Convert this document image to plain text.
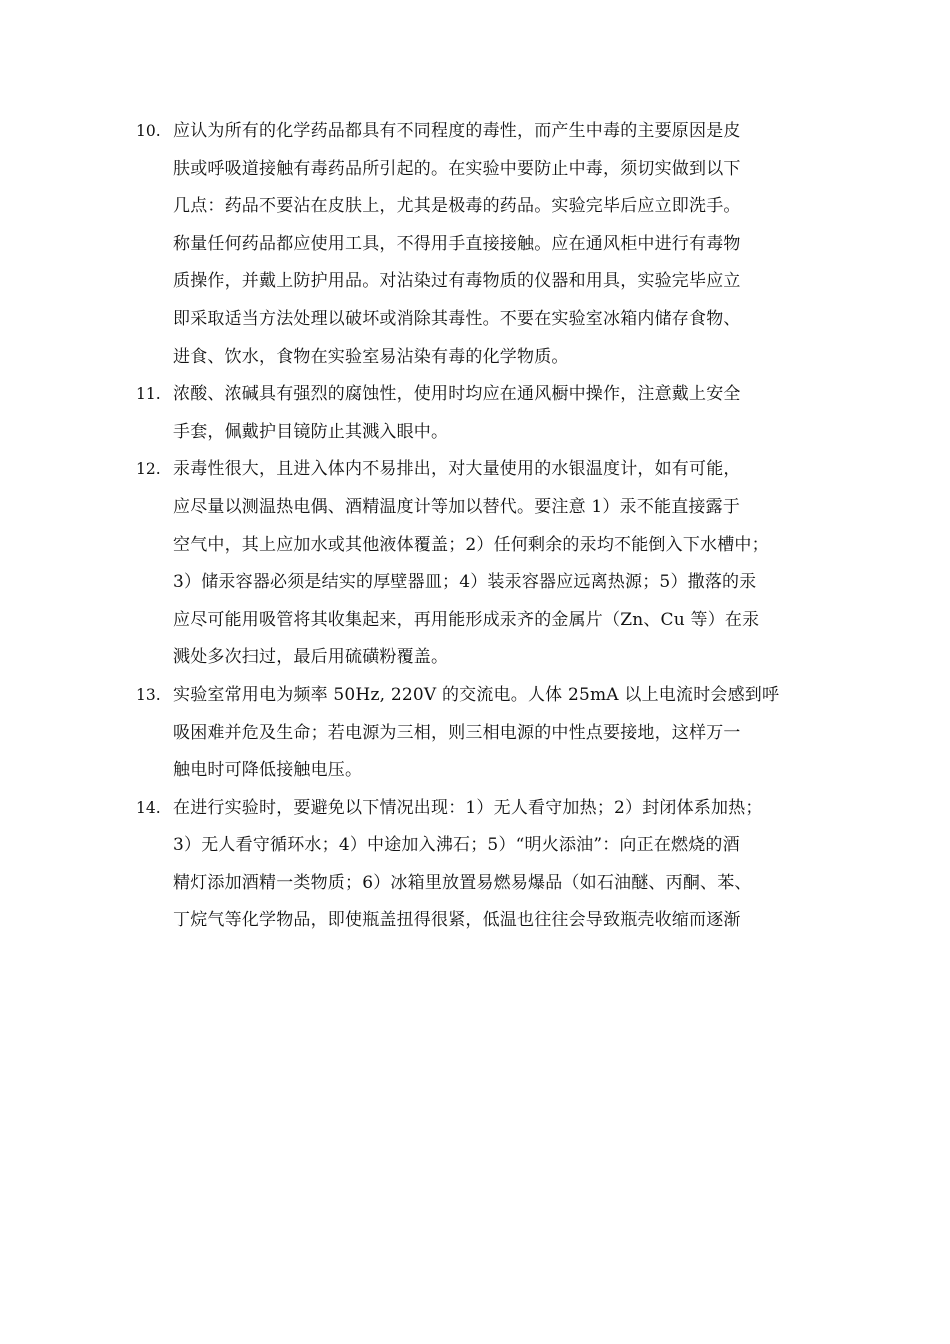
10. 应认为所有的化学药品都具有不同程度的毒性，而产生中毒的主要原因是皮
肤或呼吸道接触有毒药品所引起的。在实验中要防止中毒，须切实做到以下
几点：药品不要沾在皮肤上，尤其是极毒的药品。实验完毕后应立即洗手。
称量任何药品都应使用工具，不得用手直接接触。应在通风柜中进行有毒物
质操作，并戴上防护用品。对沾染过有毒物质的仪器和用具，实验完毕应立
即采取适当方法处理以破坏或消除其毒性。不要在实验室冰箱内储存食物、
进食、饮水，食物在实验室易沾染有毒的化学物质。
11. 浓酸、浓碱具有强烈的腐蚀性，使用时均应在通风橱中操作，注意戴上安全
手套，佩戴护目镜防止其溅入眼中。
12. 汞毒性很大，且进入体内不易排出，对大量使用的水银温度计，如有可能，
应尽量以测温热电偶、酒精温度计等加以替代。要注意 1）汞不能直接露于
空气中，其上应加水或其他液体覆盖；2）任何剩余的汞均不能倒入下水槽中；
3）储汞容器必须是结实的厚壁器皿；4）装汞容器应远离热源；5）撒落的汞
应尽可能用吸管将其收集起来，再用能形成汞齐的金属片（Zn、Cu 等）在汞
溅处多次扫过，最后用硫磺粉覆盖。
13. 实验室常用电为频率 50Hz, 220V 的交流电。人体 25mA 以上电流时会感到呼
吸困难并危及生命；若电源为三相，则三相电源的中性点要接地，这样万一
触电时可降低接触电压。
14. 在进行实验时，要避免以下情况出现：1）无人看守加热；2）封闭体系加热；
3）无人看守循环水；4）中途加入沸石；5）“明火添油”：向正在燃烧的酒
精灯添加酒精一类物质；6）冰箱里放置易燃易爆品（如石油醚、丙酮、苯、
丁烷气等化学物品，即使瓶盖扭得很紧，低温也往往会导致瓶壳收缩而逐渐
